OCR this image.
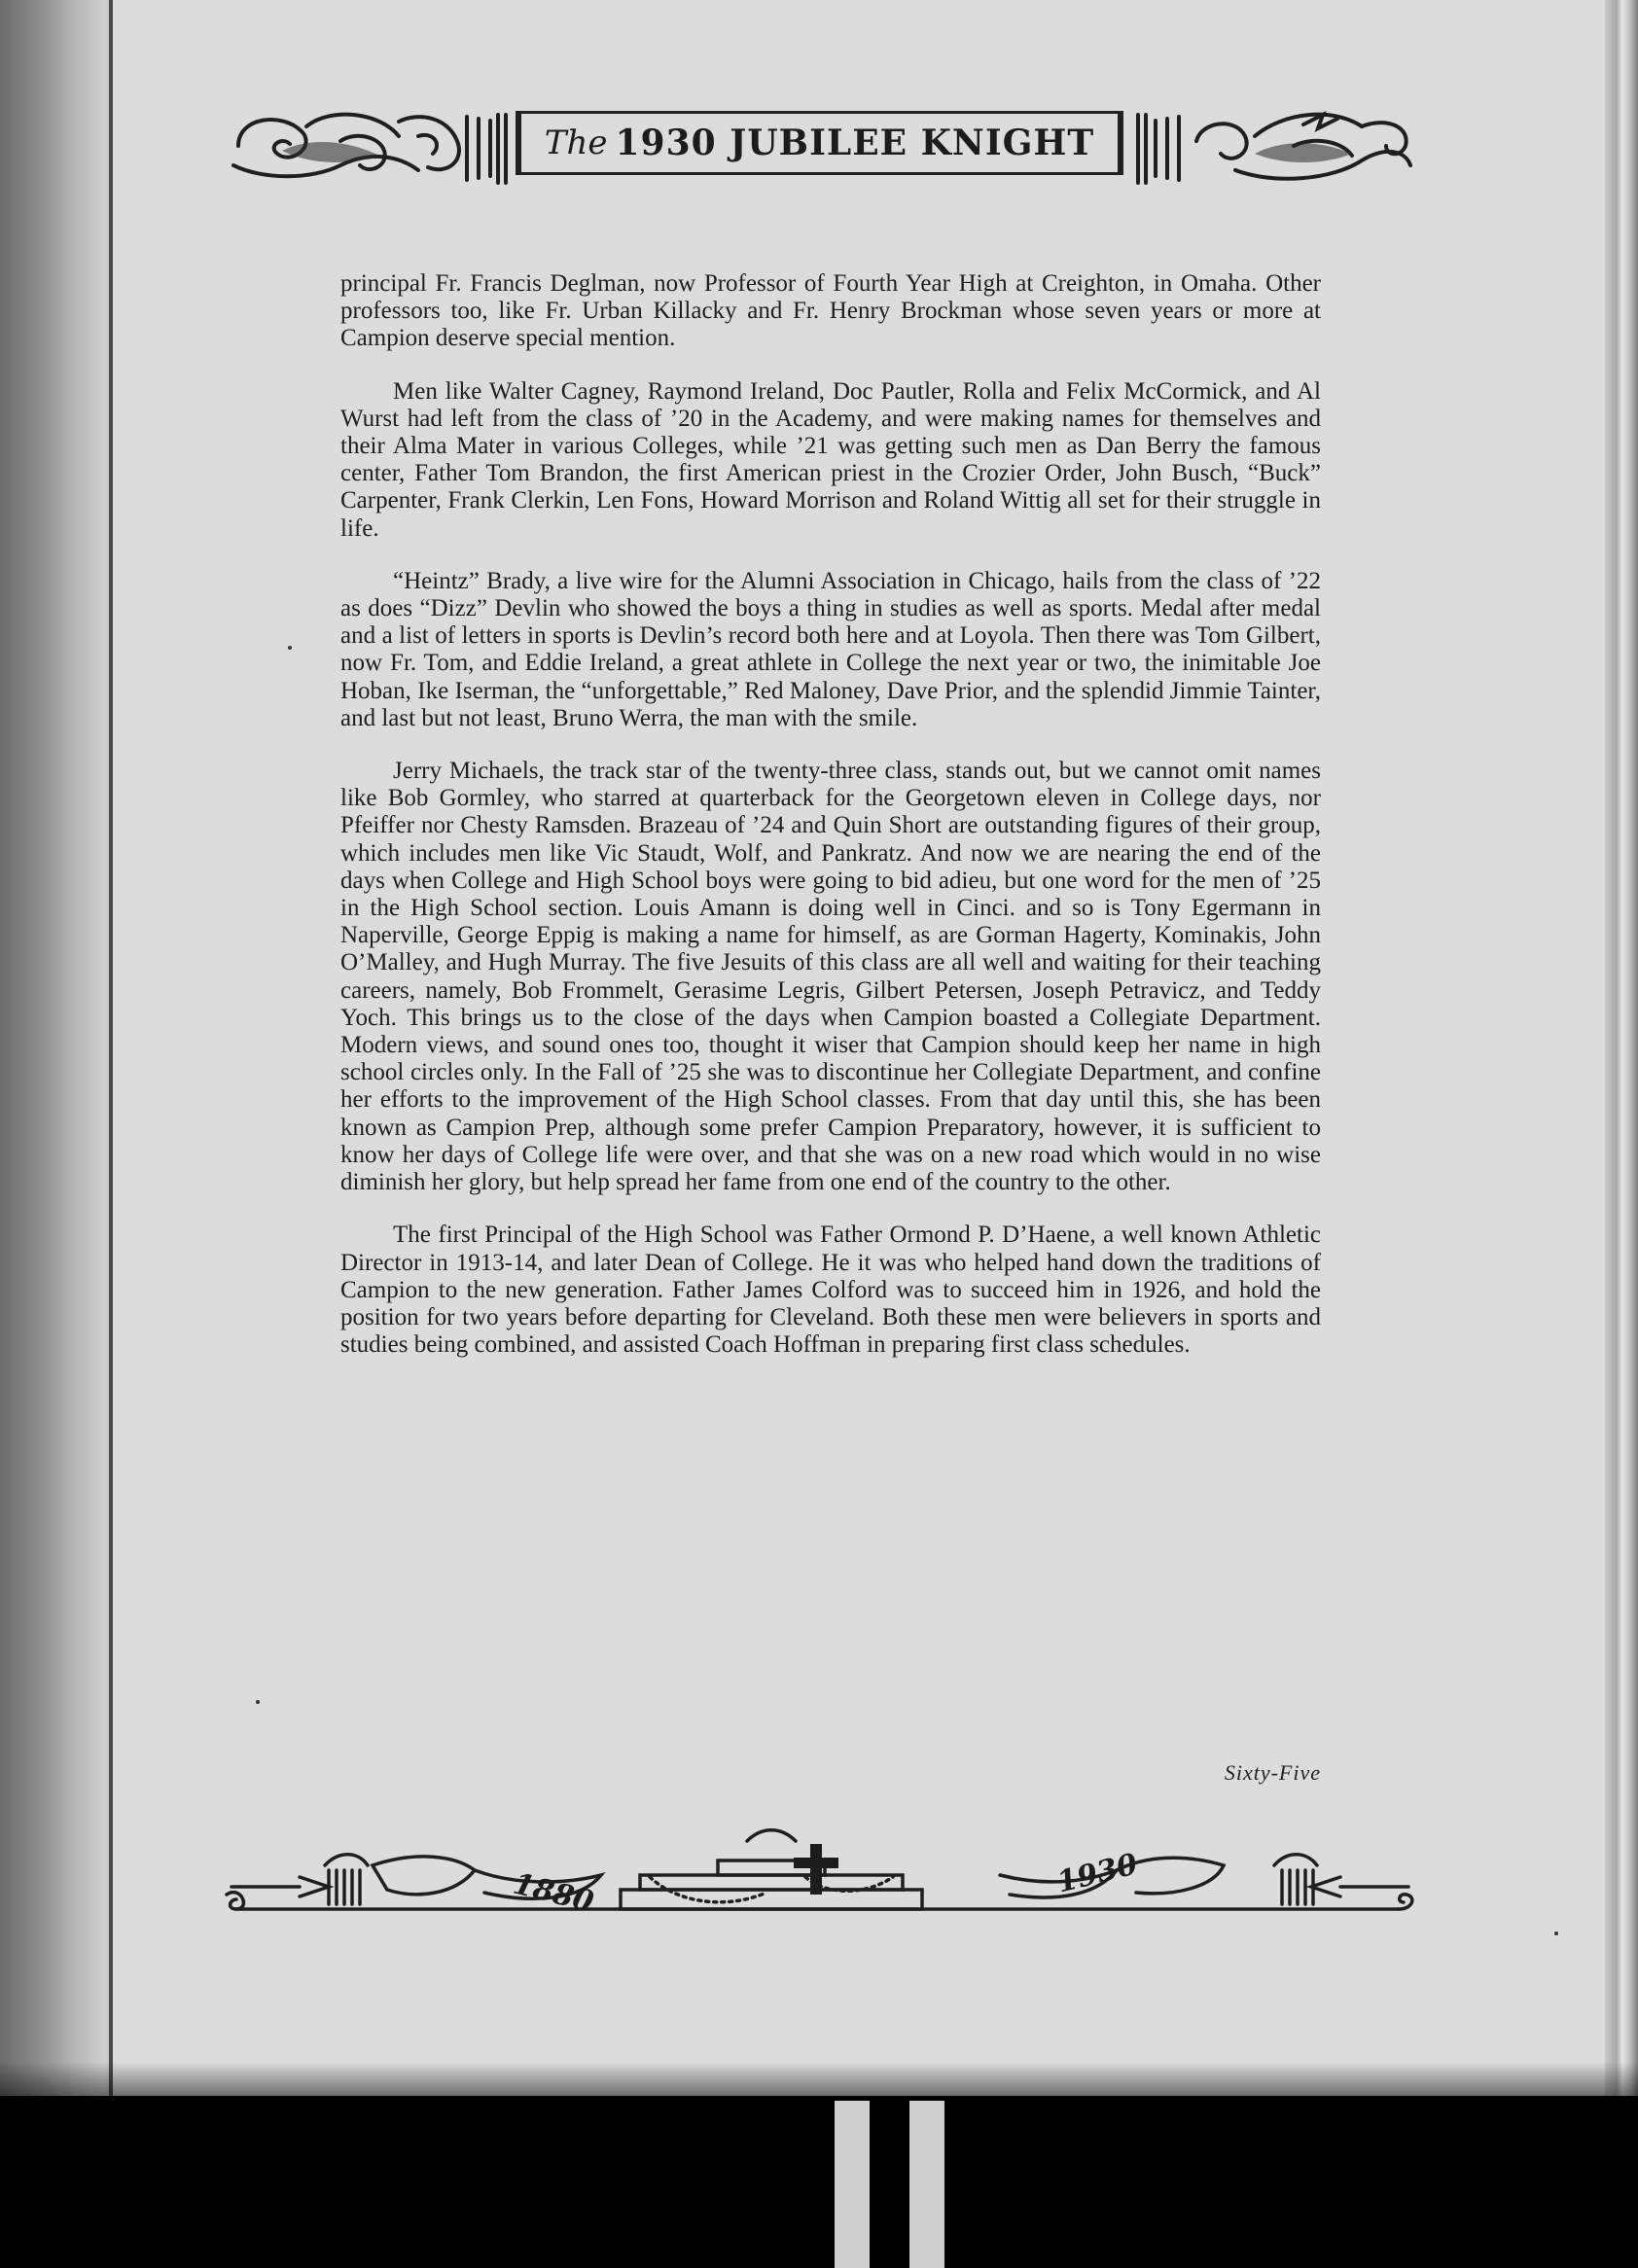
The 1930 JUBILEE KNIGHT

principal Fr. Francis Deglman, now Professor of Fourth Year High at Creighton, in Omaha. Other professors too, like Fr. Urban Killacky and Fr. Henry Brockman whose seven years or more at Campion deserve special mention.

Men like Walter Cagney, Raymond Ireland, Doc Pautler, Rolla and Felix McCormick, and Al Wurst had left from the class of ’20 in the Academy, and were making names for themselves and their Alma Mater in various Colleges, while ’21 was getting such men as Dan Berry the famous center, Father Tom Brandon, the first American priest in the Crozier Order, John Busch, “Buck” Carpenter, Frank Clerkin, Len Fons, Howard Morrison and Roland Wittig all set for their struggle in life.

“Heintz” Brady, a live wire for the Alumni Association in Chicago, hails from the class of ’22 as does “Dizz” Devlin who showed the boys a thing in studies as well as sports. Medal after medal and a list of letters in sports is Devlin’s record both here and at Loyola. Then there was Tom Gilbert, now Fr. Tom, and Eddie Ireland, a great athlete in College the next year or two, the inimitable Joe Hoban, Ike Iserman, the “unforgettable,” Red Maloney, Dave Prior, and the splendid Jimmie Tainter, and last but not least, Bruno Werra, the man with the smile.

Jerry Michaels, the track star of the twenty-three class, stands out, but we cannot omit names like Bob Gormley, who starred at quarterback for the Georgetown eleven in College days, nor Pfeiffer nor Chesty Ramsden. Brazeau of ’24 and Quin Short are outstanding figures of their group, which includes men like Vic Staudt, Wolf, and Pankratz. And now we are nearing the end of the days when College and High School boys were going to bid adieu, but one word for the men of ’25 in the High School section. Louis Amann is doing well in Cinci. and so is Tony Egermann in Naperville, George Eppig is making a name for himself, as are Gorman Hagerty, Kominakis, John O’Malley, and Hugh Murray. The five Jesuits of this class are all well and waiting for their teaching careers, namely, Bob Frommelt, Gerasime Legris, Gilbert Petersen, Joseph Petravicz, and Teddy Yoch. This brings us to the close of the days when Campion boasted a Collegiate Department. Modern views, and sound ones too, thought it wiser that Campion should keep her name in high school circles only. In the Fall of ’25 she was to discontinue her Collegiate Department, and confine her efforts to the improvement of the High School classes. From that day until this, she has been known as Campion Prep, although some prefer Campion Preparatory, however, it is sufficient to know her days of College life were over, and that she was on a new road which would in no wise diminish her glory, but help spread her fame from one end of the country to the other.

The first Principal of the High School was Father Ormond P. D’Haene, a well known Athletic Director in 1913-14, and later Dean of College. He it was who helped hand down the traditions of Campion to the new generation. Father James Colford was to succeed him in 1926, and hold the position for two years before departing for Cleveland. Both these men were believers in sports and studies being combined, and assisted Coach Hoffman in preparing first class schedules.

Sixty-Five
1880	1930
